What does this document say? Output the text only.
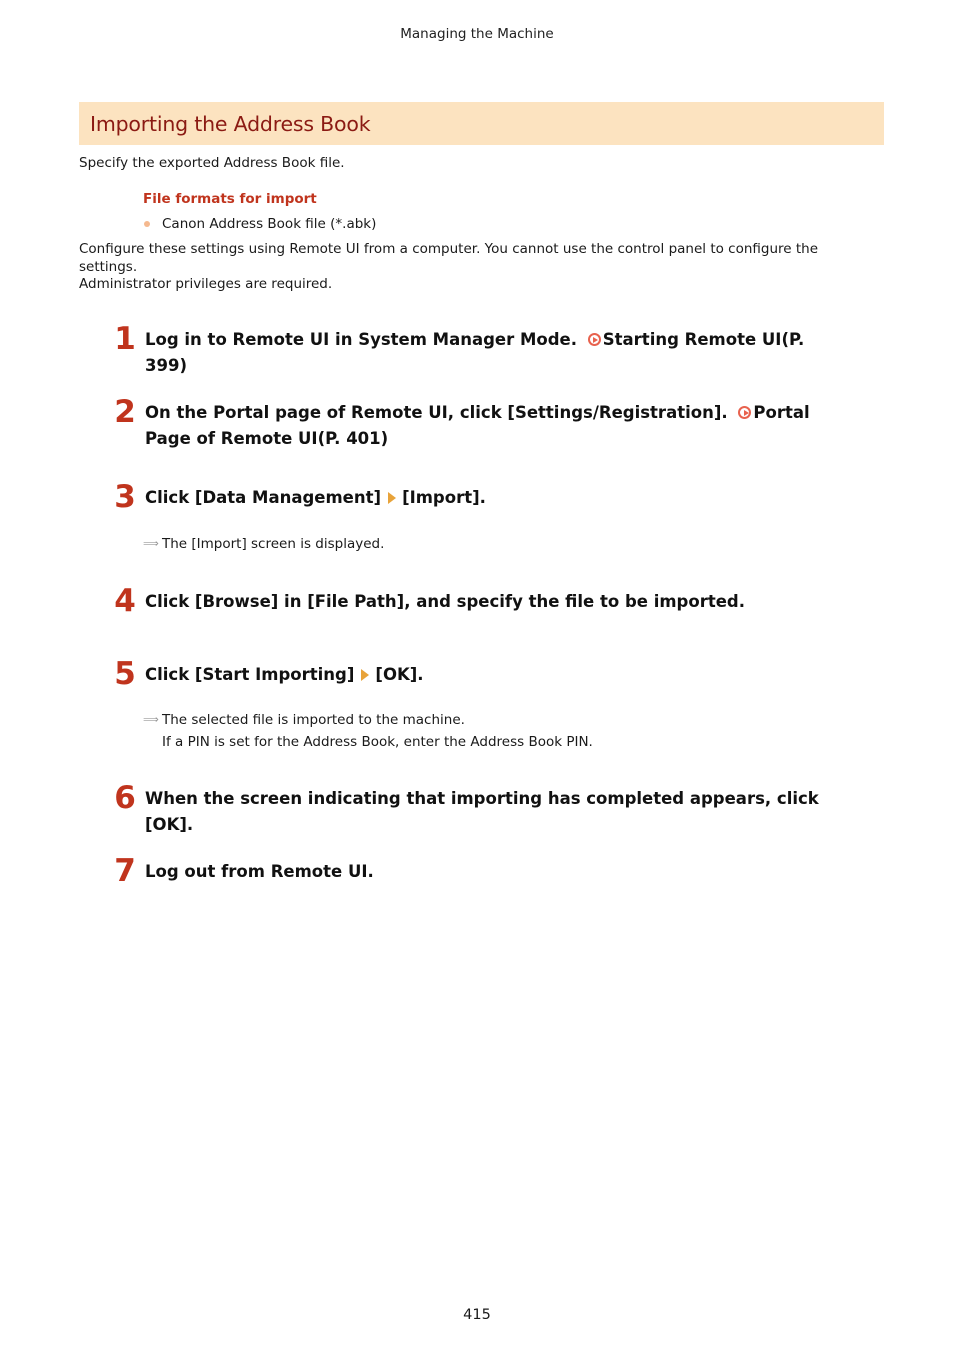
Managing the Machine
Importing the Address Book
Specify the exported Address Book file.
File formats for import
Canon Address Book file (*.abk)

Configure these settings using Remote UI from a computer. You cannot use the control panel to configure the settings.

Administrator privileges are required.

1 Log in to Remote UI in System Manager Mode. Starting Remote UI(P. 399)
2 On the Portal page of Remote UI, click [Settings/Registration]. Portal Page of Remote UI(P. 401)
3 Click [Data Management] [Import].
⟹ The [Import] screen is displayed.
4 Click [Browse] in [File Path], and specify the file to be imported.
5 Click [Start Importing] [OK].
⟹ The selected file is imported to the machine.
If a PIN is set for the Address Book, enter the Address Book PIN.
6 When the screen indicating that importing has completed appears, click [OK].
7 Log out from Remote UI.
415
